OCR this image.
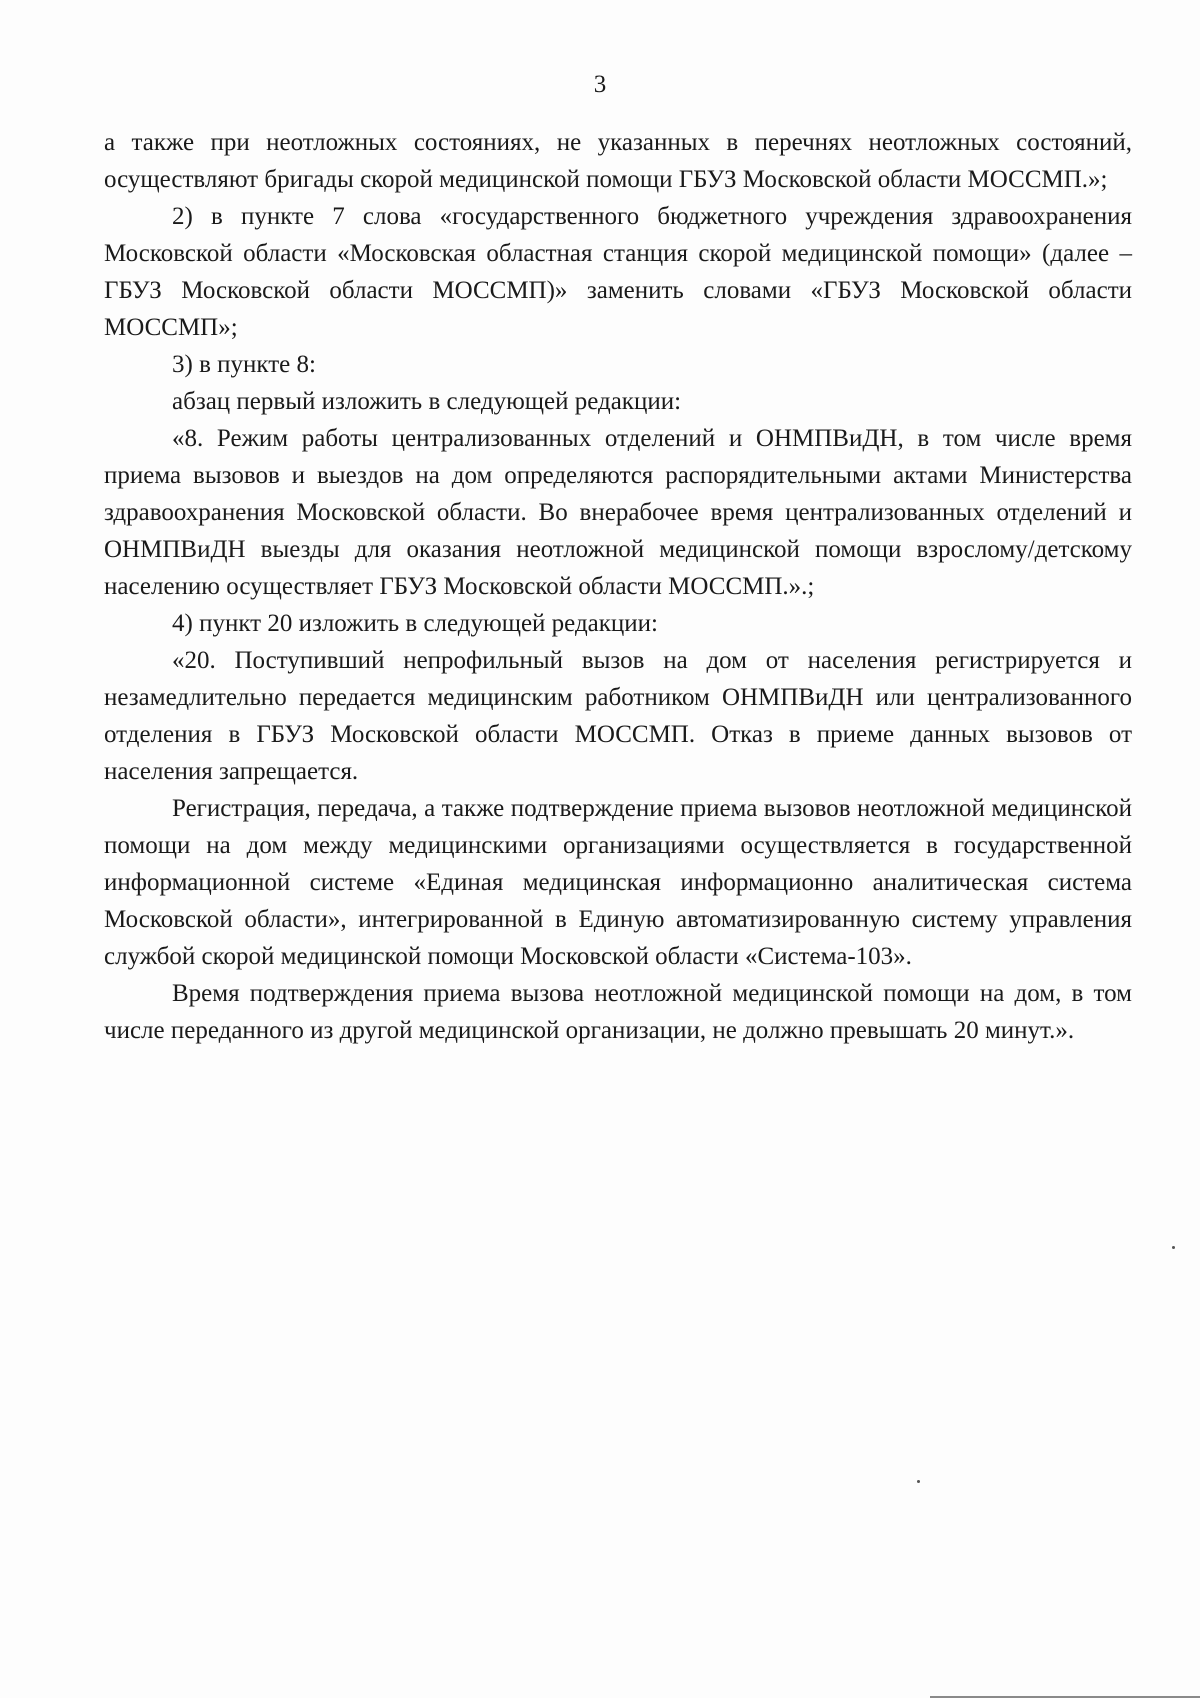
3

а также при неотложных состояниях, не указанных в перечнях неотложных состояний, осуществляют бригады скорой медицинской помощи ГБУЗ Московской области МОССМП.»;

2) в пункте 7 слова «государственного бюджетного учреждения здравоохранения Московской области «Московская областная станция скорой медицинской помощи» (далее – ГБУЗ Московской области МОССМП)» заменить словами «ГБУЗ Московской области МОССМП»;

3) в пункте 8:

абзац первый изложить в следующей редакции:

«8. Режим работы централизованных отделений и ОНМПВиДН, в том числе время приема вызовов и выездов на дом определяются распорядительными актами Министерства здравоохранения Московской области. Во внерабочее время централизованных отделений и ОНМПВиДН выезды для оказания неотложной медицинской помощи взрослому/детскому населению осуществляет ГБУЗ Московской области МОССМП.».;

4) пункт 20 изложить в следующей редакции:

«20. Поступивший непрофильный вызов на дом от населения регистрируется и незамедлительно передается медицинским работником ОНМПВиДН или централизованного отделения в ГБУЗ Московской области МОССМП. Отказ в приеме данных вызовов от населения запрещается.

Регистрация, передача, а также подтверждение приема вызовов неотложной медицинской помощи на дом между медицинскими организациями осуществляется в государственной информационной системе «Единая медицинская информационно аналитическая система Московской области», интегрированной в Единую автоматизированную систему управления службой скорой медицинской помощи Московской области «Система-103».

Время подтверждения приема вызова неотложной медицинской помощи на дом, в том числе переданного из другой медицинской организации, не должно превышать 20 минут.».
